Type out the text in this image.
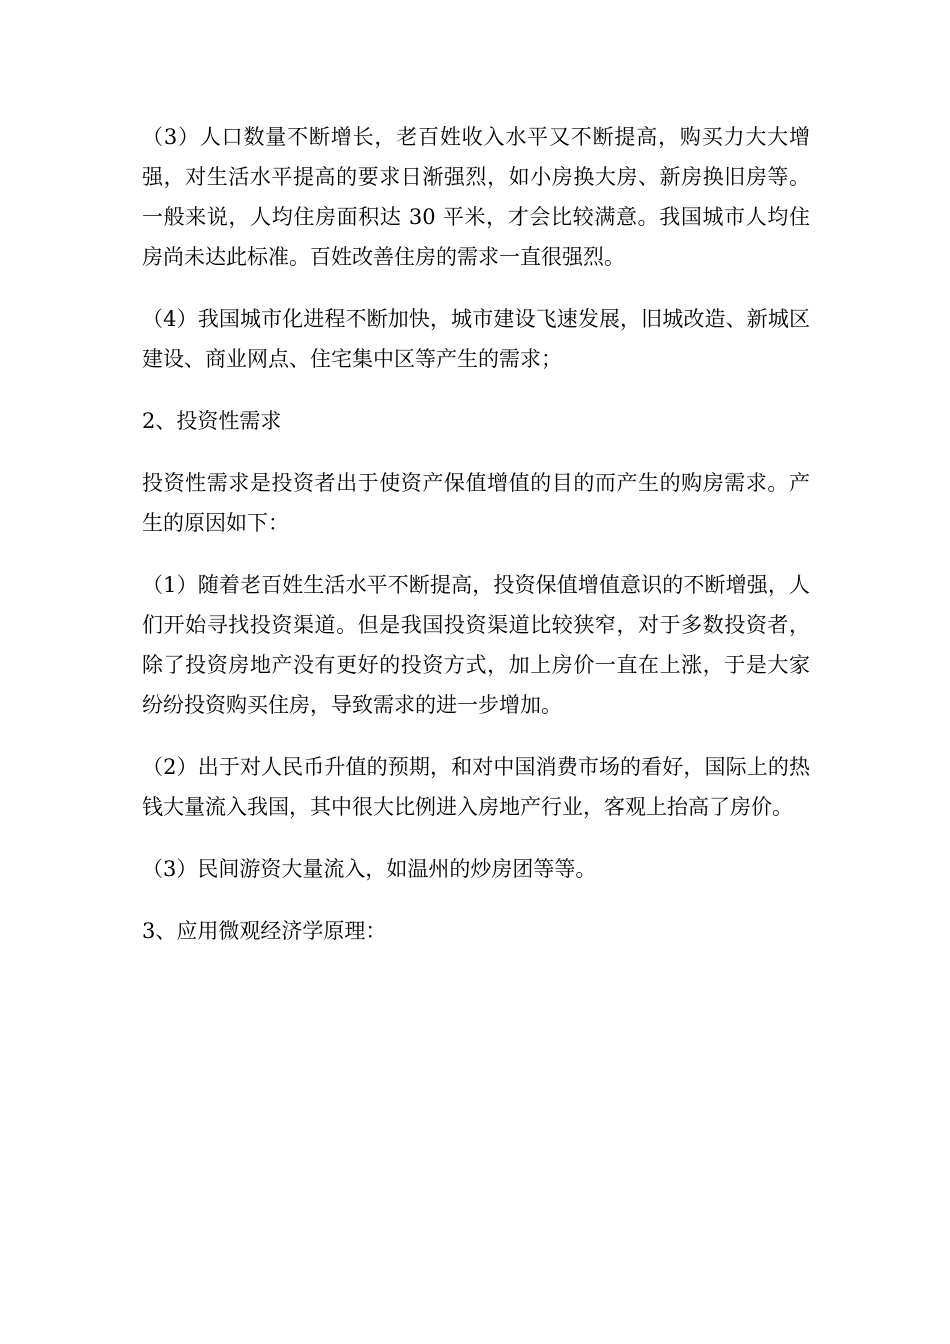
（3）人口数量不断增长，老百姓收入水平又不断提高，购买力大大增强，对生活水平提高的要求日渐强烈，如小房换大房、新房换旧房等。一般来说，人均住房面积达 30 平米，才会比较满意。我国城市人均住房尚未达此标准。百姓改善住房的需求一直很强烈。

（4）我国城市化进程不断加快，城市建设飞速发展，旧城改造、新城区建设、商业网点、住宅集中区等产生的需求；

2、投资性需求

投资性需求是投资者出于使资产保值增值的目的而产生的购房需求。产生的原因如下：

（1）随着老百姓生活水平不断提高，投资保值增值意识的不断增强，人们开始寻找投资渠道。但是我国投资渠道比较狭窄，对于多数投资者，除了投资房地产没有更好的投资方式，加上房价一直在上涨，于是大家纷纷投资购买住房，导致需求的进一步增加。

（2）出于对人民币升值的预期，和对中国消费市场的看好，国际上的热钱大量流入我国，其中很大比例进入房地产行业，客观上抬高了房价。

（3）民间游资大量流入，如温州的炒房团等等。

3、应用微观经济学原理：
